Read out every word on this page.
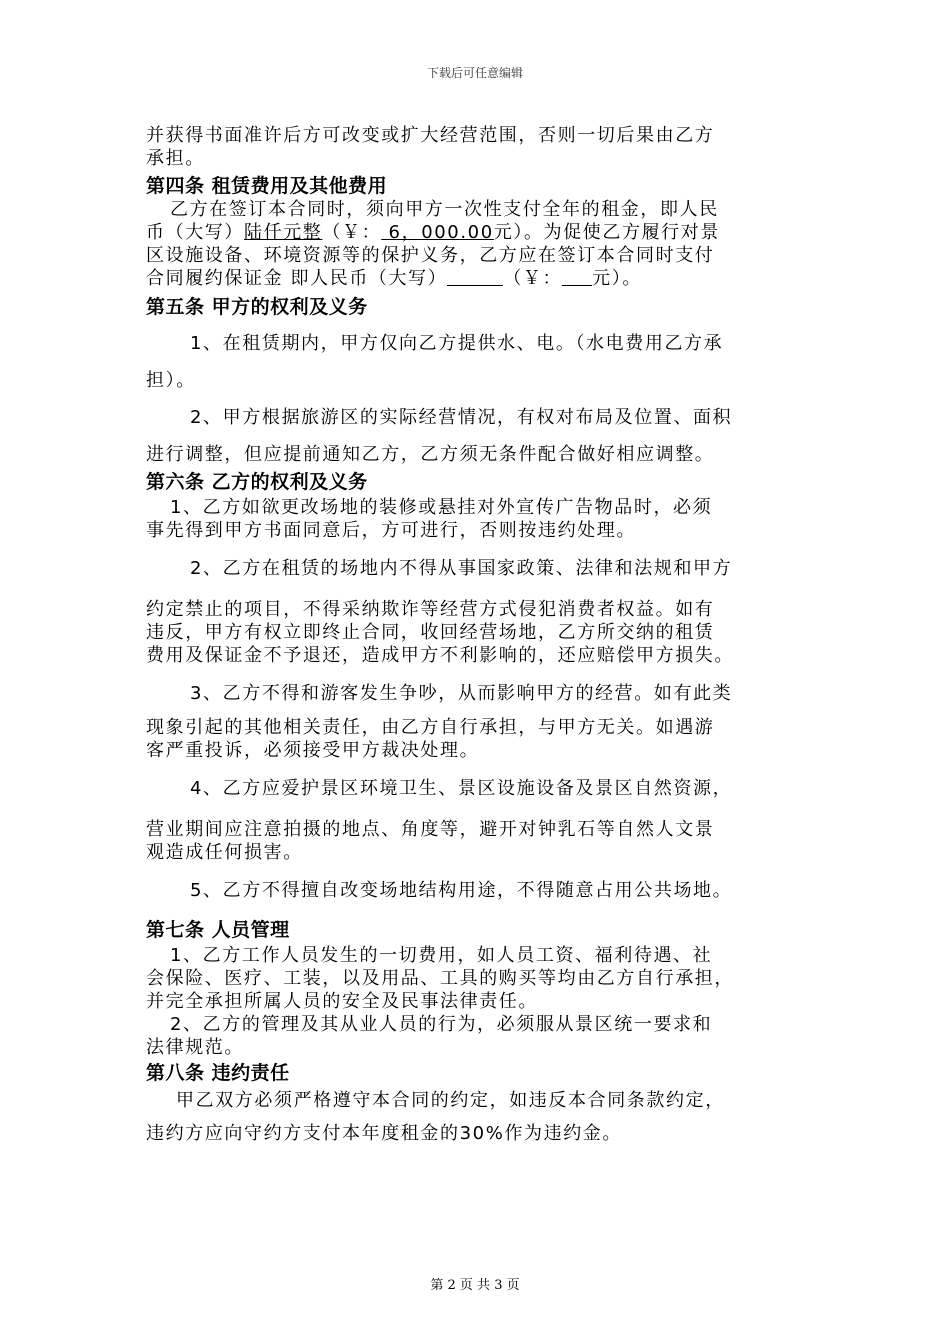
下载后可任意编辑

并获得书面准许后方可改变或扩大经营范围，否则一切后果由乙方

承担。

第四条 租赁费用及其他费用

乙方在签订本合同时，须向甲方一次性支付全年的租金，即人民

币（大写）陆仟元整（￥： 6，000.00元）。为促使乙方履行对景

区设施设备、环境资源等的保护义务，乙方应在签订本合同时支付

合同履约保证金 即人民币（大写）	（￥： 元）。

第五条 甲方的权利及义务

1、在租赁期内，甲方仅向乙方提供水、电。（水电费用乙方承

担）。

2、甲方根据旅游区的实际经营情况，有权对布局及位置、面积

进行调整，但应提前通知乙方，乙方须无条件配合做好相应调整。

第六条 乙方的权利及义务

1、乙方如欲更改场地的装修或悬挂对外宣传广告物品时，必须

事先得到甲方书面同意后，方可进行，否则按违约处理。

2、乙方在租赁的场地内不得从事国家政策、法律和法规和甲方

约定禁止的项目，不得采纳欺诈等经营方式侵犯消费者权益。如有

违反，甲方有权立即终止合同，收回经营场地，乙方所交纳的租赁

费用及保证金不予退还，造成甲方不利影响的，还应赔偿甲方损失。

3、乙方不得和游客发生争吵，从而影响甲方的经营。如有此类

现象引起的其他相关责任，由乙方自行承担，与甲方无关。如遇游

客严重投诉，必须接受甲方裁决处理。

4、乙方应爱护景区环境卫生、景区设施设备及景区自然资源，

营业期间应注意拍摄的地点、角度等，避开对钟乳石等自然人文景

观造成任何损害。

5、乙方不得擅自改变场地结构用途，不得随意占用公共场地。

第七条 人员管理

1、乙方工作人员发生的一切费用，如人员工资、福利待遇、社

会保险、医疗、工装，以及用品、工具的购买等均由乙方自行承担，

并完全承担所属人员的安全及民事法律责任。

2、乙方的管理及其从业人员的行为，必须服从景区统一要求和

法律规范。

第八条 违约责任

甲乙双方必须严格遵守本合同的约定，如违反本合同条款约定，

违约方应向守约方支付本年度租金的30%作为违约金。

第 2 页 共 3 页
